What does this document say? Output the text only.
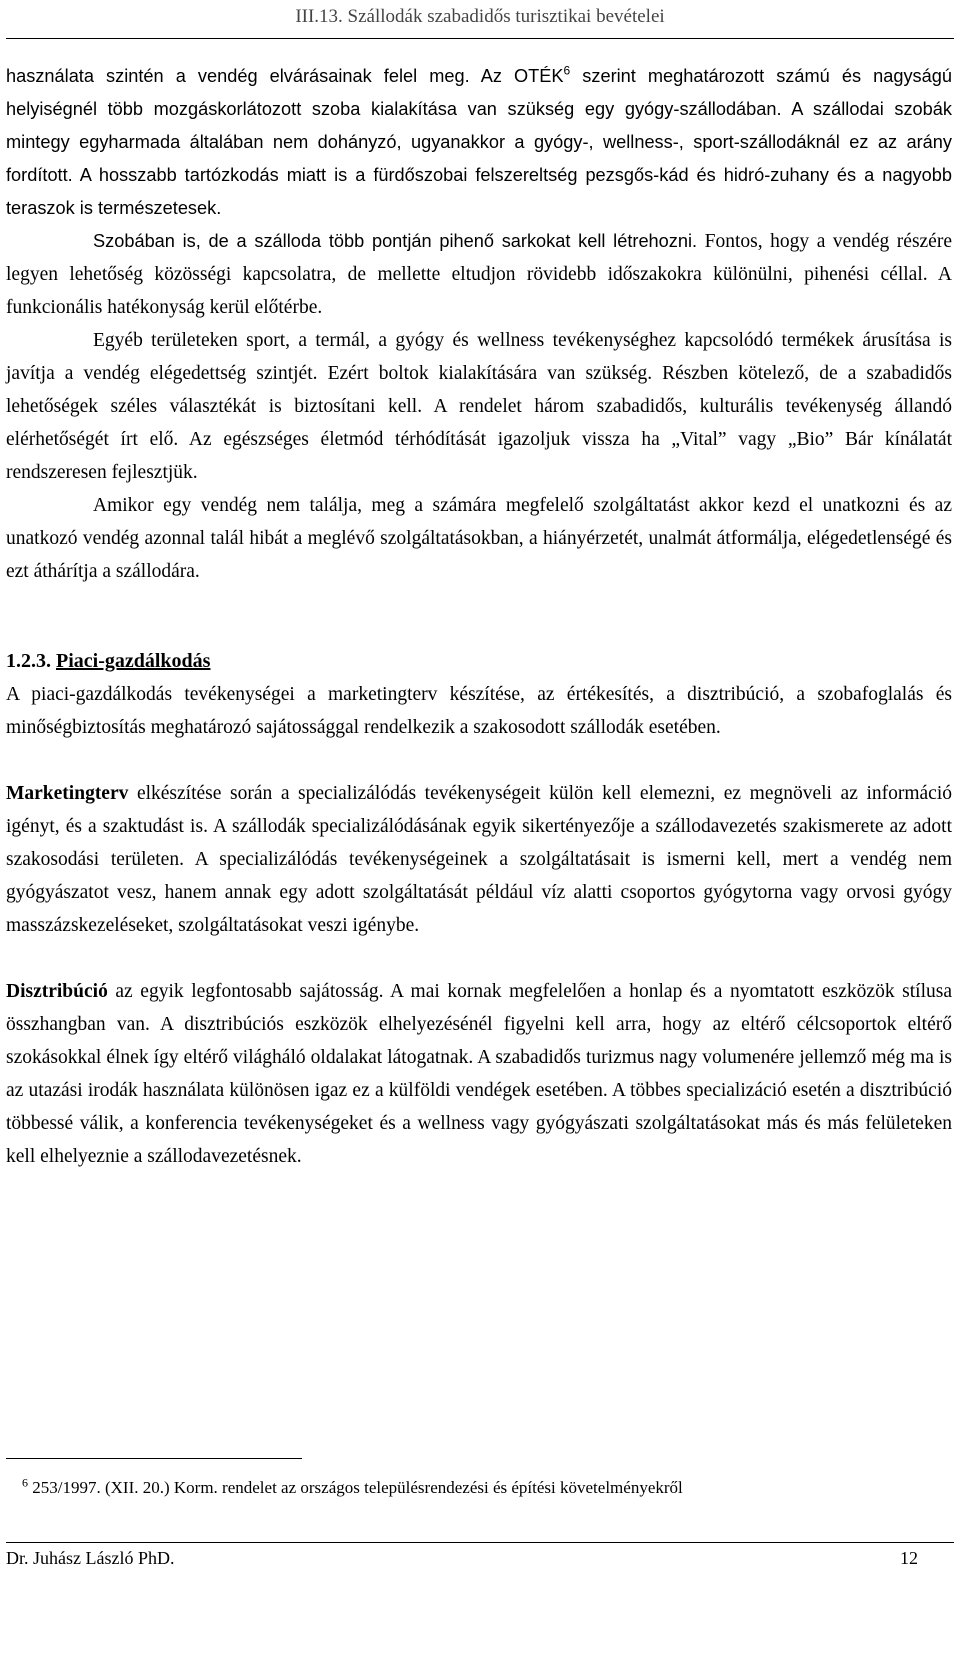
III.13. Szállodák szabadidős turisztikai bevételei

használata szintén a vendég elvárásainak felel meg. Az OTÉK$^6$ szerint meghatározott számú és nagyságú helyiségnél több mozgáskorlátozott szoba kialakítása van szükség egy gyógy-szállodában. A szállodai szobák mintegy egyharmada általában nem dohányzó, ugyanakkor a gyógy-, wellness-, sport-szállodáknál ez az arány fordított. A hosszabb tartózkodás miatt is a fürdőszobai felszereltség pezsgős-kád és hidró-zuhany és a nagyobb teraszok is természetesek.

Szobában is, de a szálloda több pontján pihenő sarkokat kell létrehozni. Fontos, hogy a vendég részére legyen lehetőség közösségi kapcsolatra, de mellette eltudjon rövidebb időszakokra különülni, pihenési céllal. A funkcionális hatékonyság kerül előtérbe.

Egyéb területeken sport, a termál, a gyógy és wellness tevékenységhez kapcsolódó termékek árusítása is javítja a vendég elégedettség szintjét. Ezért boltok kialakítására van szükség. Részben kötelező, de a szabadidős lehetőségek széles választékát is biztosítani kell. A rendelet három szabadidős, kulturális tevékenység állandó elérhetőségét írt elő. Az egészséges életmód térhódítását igazoljuk vissza ha „Vital” vagy „Bio” Bár kínálatát rendszeresen fejlesztjük.

Amikor egy vendég nem találja, meg a számára megfelelő szolgáltatást akkor kezd el unatkozni és az unatkozó vendég azonnal talál hibát a meglévő szolgáltatásokban, a hiányérzetét, unalmát átformálja, elégedetlenségé és ezt áthárítja a szállodára.

1.2.3. Piaci-gazdálkodás

A piaci-gazdálkodás tevékenységei a marketingterv készítése, az értékesítés, a disztribúció, a szobafoglalás és minőségbiztosítás meghatározó sajátossággal rendelkezik a szakosodott szállodák esetében.

Marketingterv elkészítése során a specializálódás tevékenységeit külön kell elemezni, ez megnöveli az információ igényt, és a szaktudást is. A szállodák specializálódásának egyik sikertényezője a szállodavezetés szakismerete az adott szakosodási területen. A specializálódás tevékenységeinek a szolgáltatásait is ismerni kell, mert a vendég nem gyógyászatot vesz, hanem annak egy adott szolgáltatását például víz alatti csoportos gyógytorna vagy orvosi gyógy masszázskezeléseket, szolgáltatásokat veszi igénybe.

Disztribúció az egyik legfontosabb sajátosság. A mai kornak megfelelően a honlap és a nyomtatott eszközök stílusa összhangban van. A disztribúciós eszközök elhelyezésénél figyelni kell arra, hogy az eltérő célcsoportok eltérő szokásokkal élnek így eltérő világháló oldalakat látogatnak. A szabadidős turizmus nagy volumenére jellemző még ma is az utazási irodák használata különösen igaz ez a külföldi vendégek esetében. A többes specializáció esetén a disztribúció többessé válik, a konferencia tevékenységeket és a wellness vagy gyógyászati szolgáltatásokat más és más felületeken kell elhelyeznie a szállodavezetésnek.

$^6$ 253/1997. (XII. 20.) Korm. rendelet az országos településrendezési és építési követelményekről
Dr. Juhász László PhD.	12
